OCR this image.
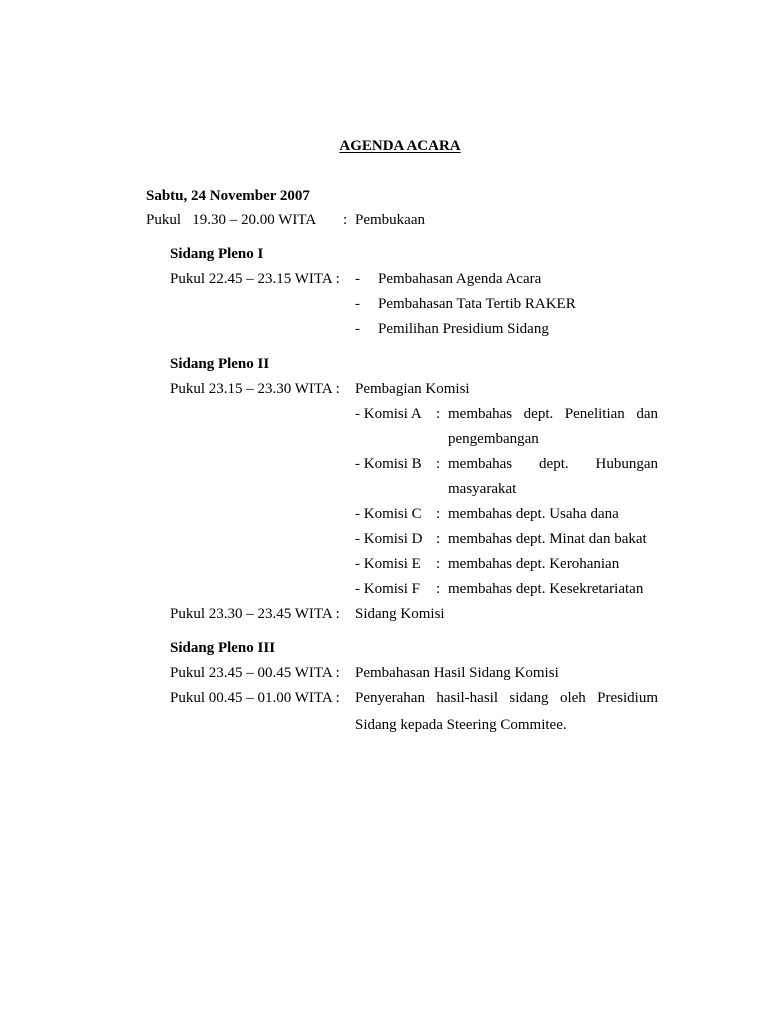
AGENDA ACARA
Sabtu, 24 November 2007
Pukul   19.30 – 20.00 WITA : Pembukaan
Sidang Pleno I
Pukul 22.45 – 23.15 WITA : - Pembahasan Agenda Acara
- Pembahasan Tata Tertib RAKER
- Pemilihan Presidium Sidang
Sidang Pleno II
Pukul 23.15 – 23.30 WITA : Pembagian Komisi
- Komisi A : membahas dept. Penelitian dan
pengembangan
- Komisi B : membahas dept. Hubungan
masyarakat
- Komisi C : membahas dept. Usaha dana
- Komisi D : membahas dept. Minat dan bakat
- Komisi E : membahas dept. Kerohanian
- Komisi F : membahas dept. Kesekretariatan
Pukul 23.30 – 23.45 WITA : Sidang Komisi
Sidang Pleno III
Pukul 23.45 – 00.45 WITA : Pembahasan Hasil Sidang Komisi
Pukul 00.45 – 01.00 WITA : Penyerahan hasil-hasil sidang oleh Presidium
Sidang kepada Steering Commitee.
